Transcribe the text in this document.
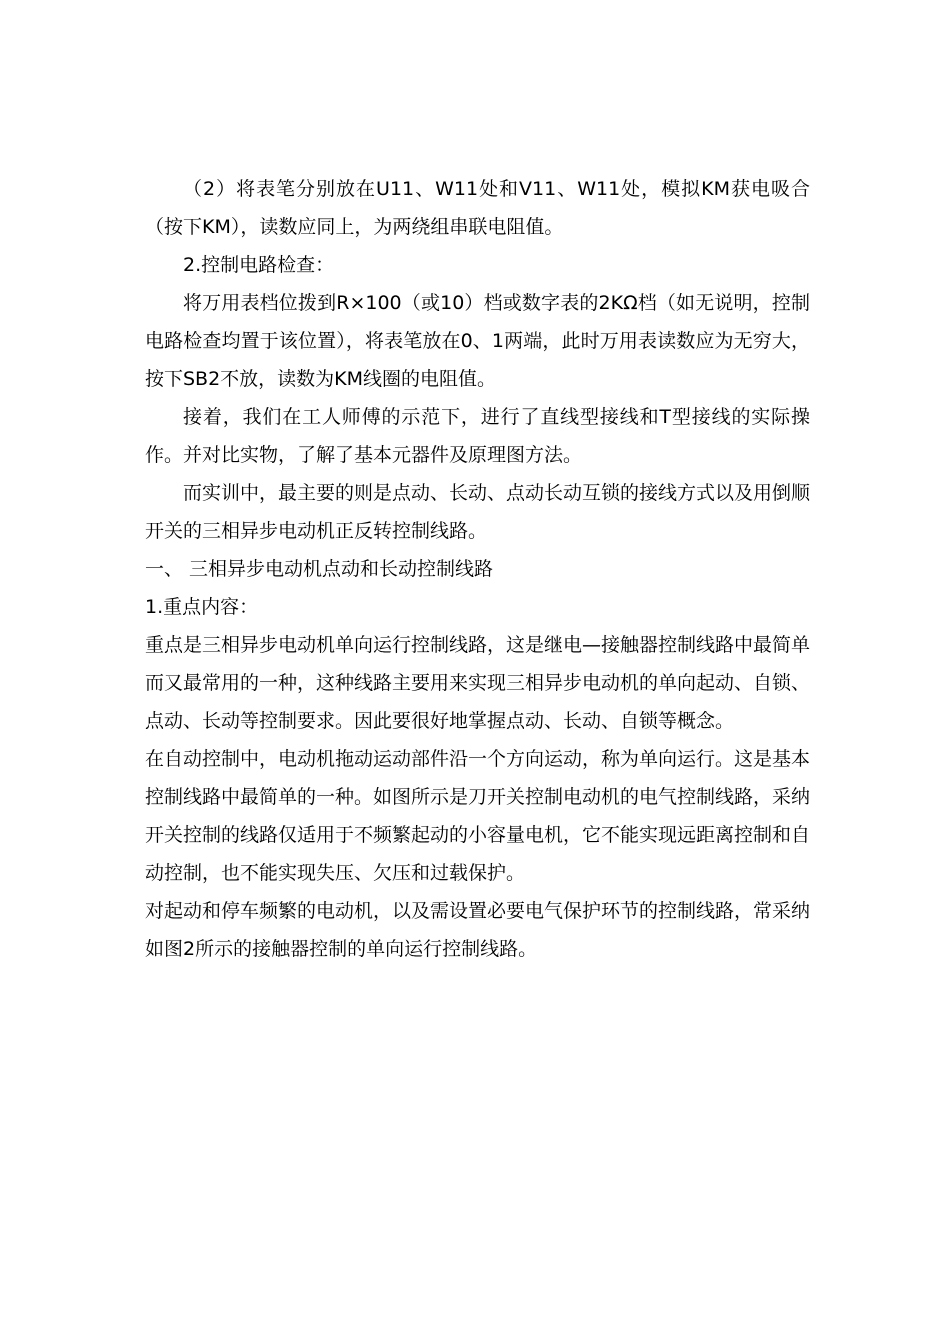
（2）将表笔分别放在U11、W11处和V11、W11处，模拟KM获电吸合（按下KM），读数应同上，为两绕组串联电阻值。

2.控制电路检查：

将万用表档位拨到R×100（或10）档或数字表的2KΩ档（如无说明，控制电路检查均置于该位置），将表笔放在0、1两端，此时万用表读数应为无穷大，按下SB2不放，读数为KM线圈的电阻值。

接着，我们在工人师傅的示范下，进行了直线型接线和T型接线的实际操作。并对比实物，了解了基本元器件及原理图方法。

而实训中，最主要的则是点动、长动、点动长动互锁的接线方式以及用倒顺开关的三相异步电动机正反转控制线路。

一、 三相异步电动机点动和长动控制线路

1.重点内容：

重点是三相异步电动机单向运行控制线路，这是继电—接触器控制线路中最简单而又最常用的一种，这种线路主要用来实现三相异步电动机的单向起动、自锁、点动、长动等控制要求。因此要很好地掌握点动、长动、自锁等概念。

在自动控制中，电动机拖动运动部件沿一个方向运动，称为单向运行。这是基本控制线路中最简单的一种。如图所示是刀开关控制电动机的电气控制线路，采纳开关控制的线路仅适用于不频繁起动的小容量电机，它不能实现远距离控制和自动控制，也不能实现失压、欠压和过载保护。

对起动和停车频繁的电动机，以及需设置必要电气保护环节的控制线路，常采纳如图2所示的接触器控制的单向运行控制线路。
